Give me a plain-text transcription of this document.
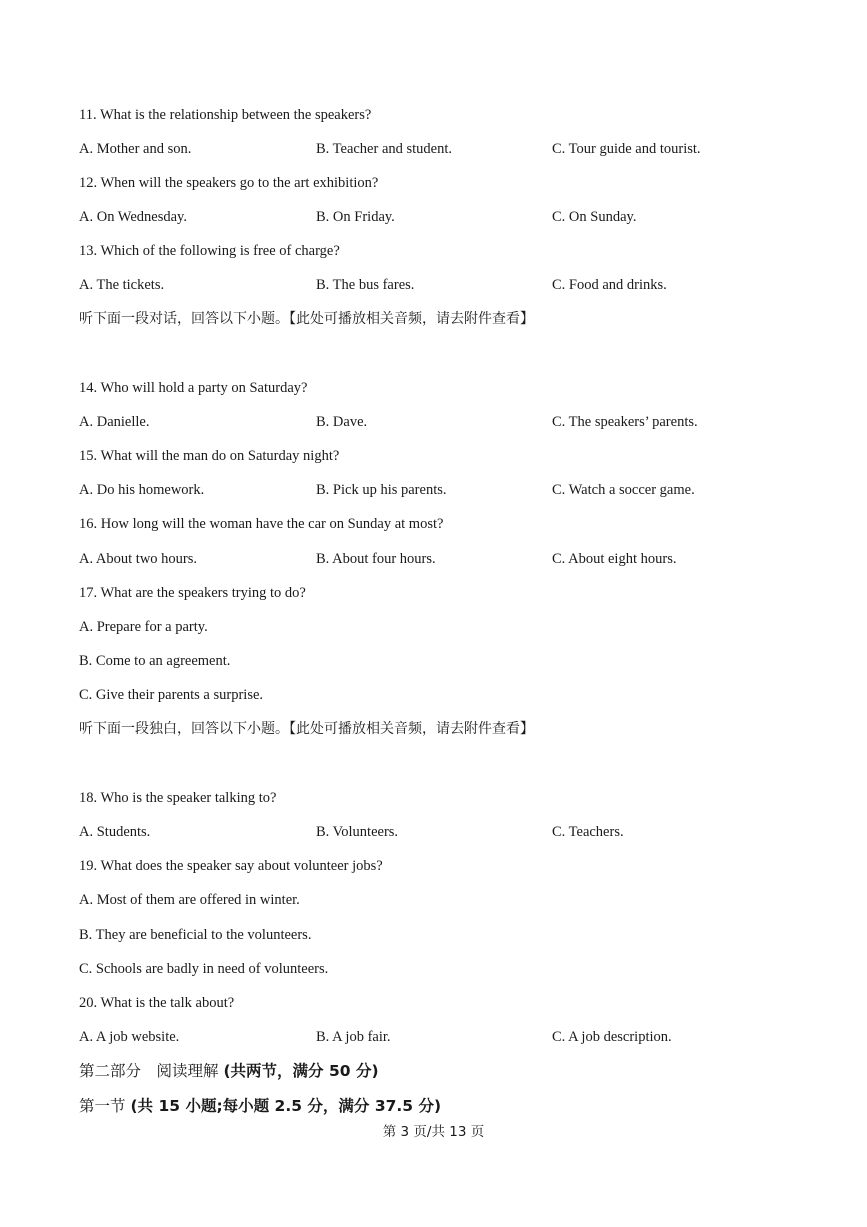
11. What is the relationship between the speakers?
A. Mother and son.	B. Teacher and student.	C. Tour guide and tourist.
12. When will the speakers go to the art exhibition?
A. On Wednesday.	B. On Friday.	C. On Sunday.
13. Which of the following is free of charge?
A. The tickets.	B. The bus fares.	C. Food and drinks.
听下面一段对话，回答以下小题。【此处可播放相关音频，请去附件查看】
14. Who will hold a party on Saturday?
A. Danielle.	B. Dave.	C. The speakers’ parents.
15. What will the man do on Saturday night?
A. Do his homework.	B. Pick up his parents.	C. Watch a soccer game.
16. How long will the woman have the car on Sunday at most?
A. About two hours.	B. About four hours.	C. About eight hours.
17. What are the speakers trying to do?
A. Prepare for a party.
B. Come to an agreement.
C. Give their parents a surprise.
听下面一段独白，回答以下小题。【此处可播放相关音频，请去附件查看】
18. Who is the speaker talking to?
A. Students.	B. Volunteers.	C. Teachers.
19. What does the speaker say about volunteer jobs?
A. Most of them are offered in winter.
B. They are beneficial to the volunteers.
C. Schools are badly in need of volunteers.
20. What is the talk about?
A. A job website.	B. A job fair.	C. A job description.
第二部分　阅读理解 (共两节，满分 50 分)
第一节 (共 15 小题;每小题 2.5 分，满分 37.5 分)
第 3 页/共 13 页
